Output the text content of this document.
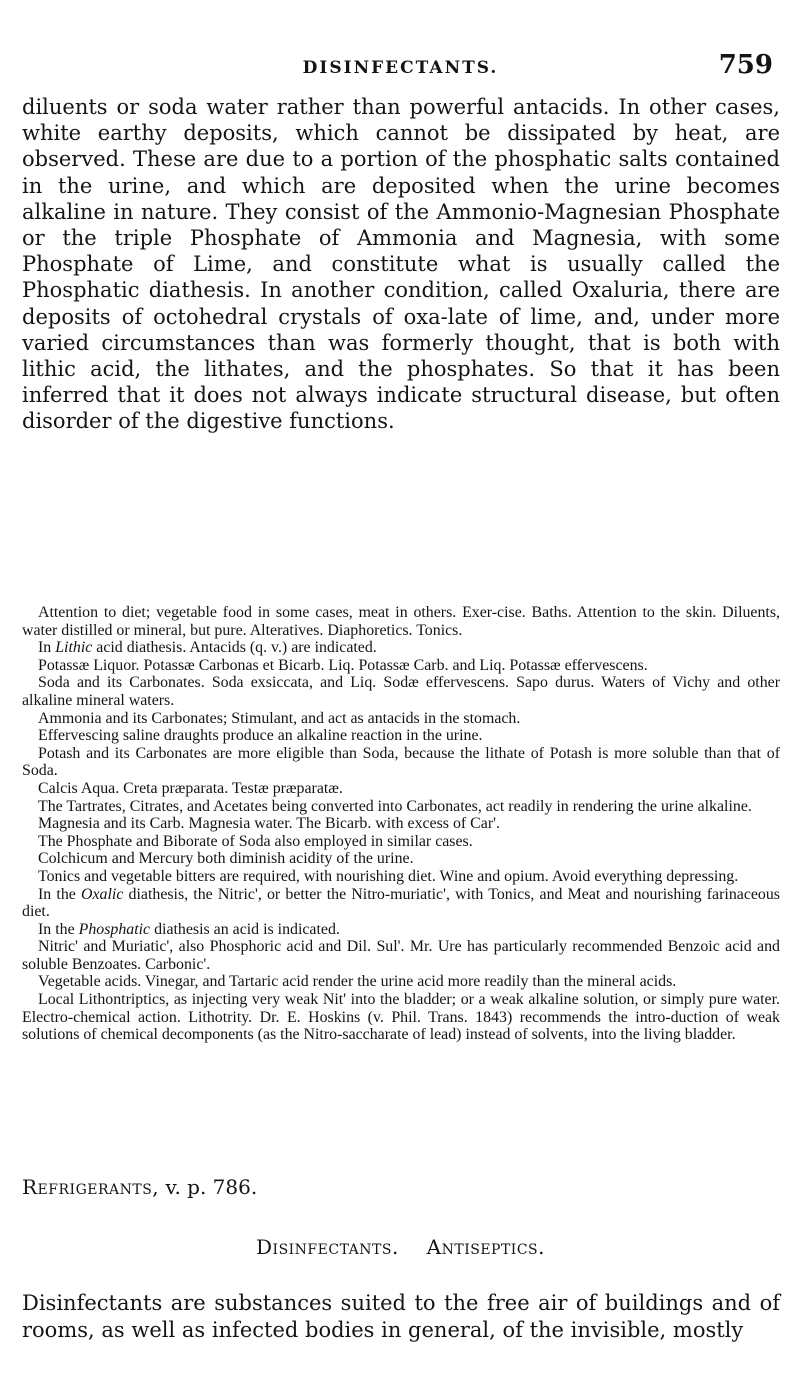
DISINFECTANTS.	759

diluents or soda water rather than powerful antacids. In other cases, white earthy deposits, which cannot be dissipated by heat, are observed. These are due to a portion of the phosphatic salts contained in the urine, and which are deposited when the urine becomes alkaline in nature. They consist of the Ammonio-Magnesian Phosphate or the triple Phosphate of Ammonia and Magnesia, with some Phosphate of Lime, and constitute what is usually called the Phosphatic diathesis. In another condition, called Oxaluria, there are deposits of octohedral crystals of oxa-late of lime, and, under more varied circumstances than was formerly thought, that is both with lithic acid, the lithates, and the phosphates. So that it has been inferred that it does not always indicate structural disease, but often disorder of the digestive functions.

Attention to diet; vegetable food in some cases, meat in others. Exer-cise. Baths. Attention to the skin. Diluents, water distilled or mineral, but pure. Alteratives. Diaphoretics. Tonics.

In Lithic acid diathesis. Antacids (q. v.) are indicated.

Potassæ Liquor. Potassæ Carbonas et Bicarb. Liq. Potassæ Carb. and Liq. Potassæ effervescens.

Soda and its Carbonates. Soda exsiccata, and Liq. Sodæ effervescens. Sapo durus. Waters of Vichy and other alkaline mineral waters.

Ammonia and its Carbonates; Stimulant, and act as antacids in the stomach.

Effervescing saline draughts produce an alkaline reaction in the urine.

Potash and its Carbonates are more eligible than Soda, because the lithate of Potash is more soluble than that of Soda.

Calcis Aqua. Creta præparata. Testæ præparatæ.

The Tartrates, Citrates, and Acetates being converted into Carbonates, act readily in rendering the urine alkaline.

Magnesia and its Carb. Magnesia water. The Bicarb. with excess of Car'.

The Phosphate and Biborate of Soda also employed in similar cases.

Colchicum and Mercury both diminish acidity of the urine.

Tonics and vegetable bitters are required, with nourishing diet. Wine and opium. Avoid everything depressing.

In the Oxalic diathesis, the Nitric', or better the Nitro-muriatic', with Tonics, and Meat and nourishing farinaceous diet.

In the Phosphatic diathesis an acid is indicated.

Nitric' and Muriatic', also Phosphoric acid and Dil. Sul'. Mr. Ure has particularly recommended Benzoic acid and soluble Benzoates. Carbonic'.

Vegetable acids. Vinegar, and Tartaric acid render the urine acid more readily than the mineral acids.

Local Lithontriptics, as injecting very weak Nit' into the bladder; or a weak alkaline solution, or simply pure water. Electro-chemical action. Lithotrity. Dr. E. Hoskins (v. Phil. Trans. 1843) recommends the intro-duction of weak solutions of chemical decomponents (as the Nitro-saccharate of lead) instead of solvents, into the living bladder.

Refrigerants, v. p. 786.
Disinfectants. Antiseptics.

Disinfectants are substances suited to the free air of buildings and of rooms, as well as infected bodies in general, of the invisible, mostly
